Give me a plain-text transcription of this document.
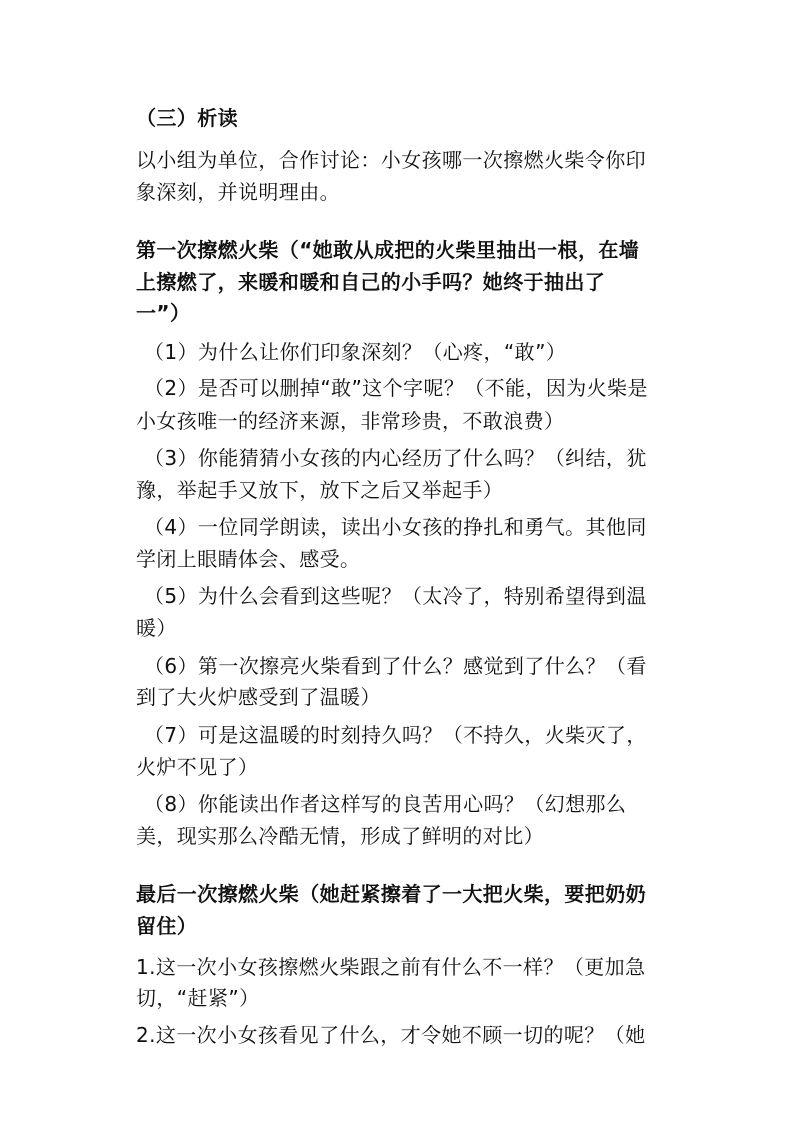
（三）析读
以小组为单位，合作讨论：小女孩哪一次擦燃火柴令你印
象深刻，并说明理由。
第一次擦燃火柴（“她敢从成把的火柴里抽出一根，在墙
上擦燃了，来暖和暖和自己的小手吗？她终于抽出了
一”）
（1）为什么让你们印象深刻？（心疼，“敢”）
（2）是否可以删掉“敢”这个字呢？（不能，因为火柴是
小女孩唯一的经济来源，非常珍贵，不敢浪费）
（3）你能猜猜小女孩的内心经历了什么吗？（纠结，犹
豫，举起手又放下，放下之后又举起手）
（4）一位同学朗读，读出小女孩的挣扎和勇气。其他同
学闭上眼睛体会、感受。
（5）为什么会看到这些呢？（太冷了，特别希望得到温
暖）
（6）第一次擦亮火柴看到了什么？感觉到了什么？（看
到了大火炉感受到了温暖）
（7）可是这温暖的时刻持久吗？（不持久，火柴灭了，
火炉不见了）
（8）你能读出作者这样写的良苦用心吗？（幻想那么
美，现实那么冷酷无情，形成了鲜明的对比）
最后一次擦燃火柴（她赶紧擦着了一大把火柴，要把奶奶
留住）
1.这一次小女孩擦燃火柴跟之前有什么不一样？（更加急
切，“赶紧”）
2.这一次小女孩看见了什么，才令她不顾一切的呢？（她
